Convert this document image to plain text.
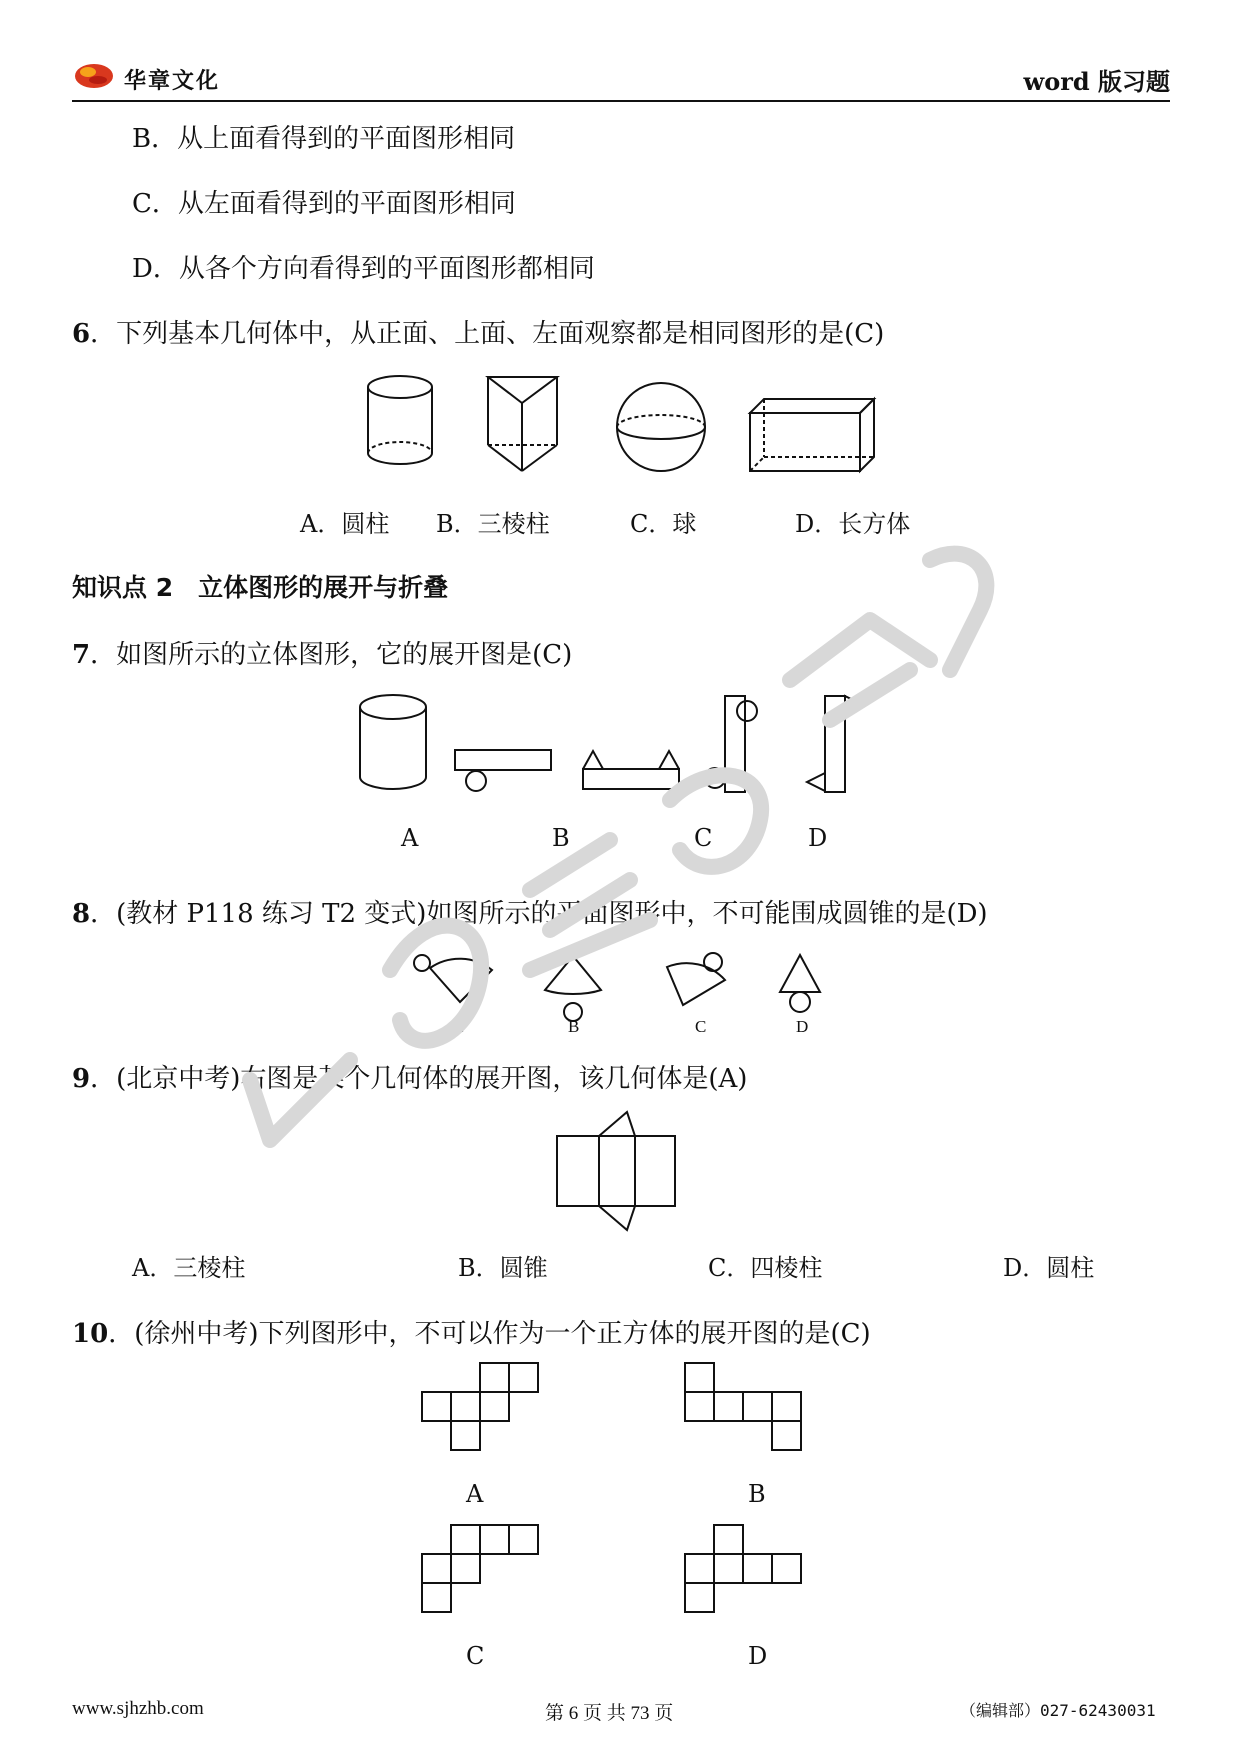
华章文化	word 版习题
B．从上面看得到的平面图形相同
C．从左面看得到的平面图形相同
D．从各个方向看得到的平面图形都相同
6．下列基本几何体中，从正面、上面、左面观察都是相同图形的是(C)
A．圆柱 B．三棱柱	C．球	D．长方体
知识点 2　立体图形的展开与折叠
7．如图所示的立体图形，它的展开图是(C)
A	B	C	D
8．(教材 P118 练习 T2 变式)如图所示的平面图形中，不可能围成圆锥的是(D)
A	B	C	D
9．(北京中考)右图是某个几何体的展开图，该几何体是(A)
A．三棱柱	B．圆锥	C．四棱柱	D．圆柱
10．(徐州中考)下列图形中，不可以作为一个正方体的展开图的是(C)
A	B
C	D
www.sjhzhb.com	第 6 页 共 73 页	（编辑部）027-62430031
